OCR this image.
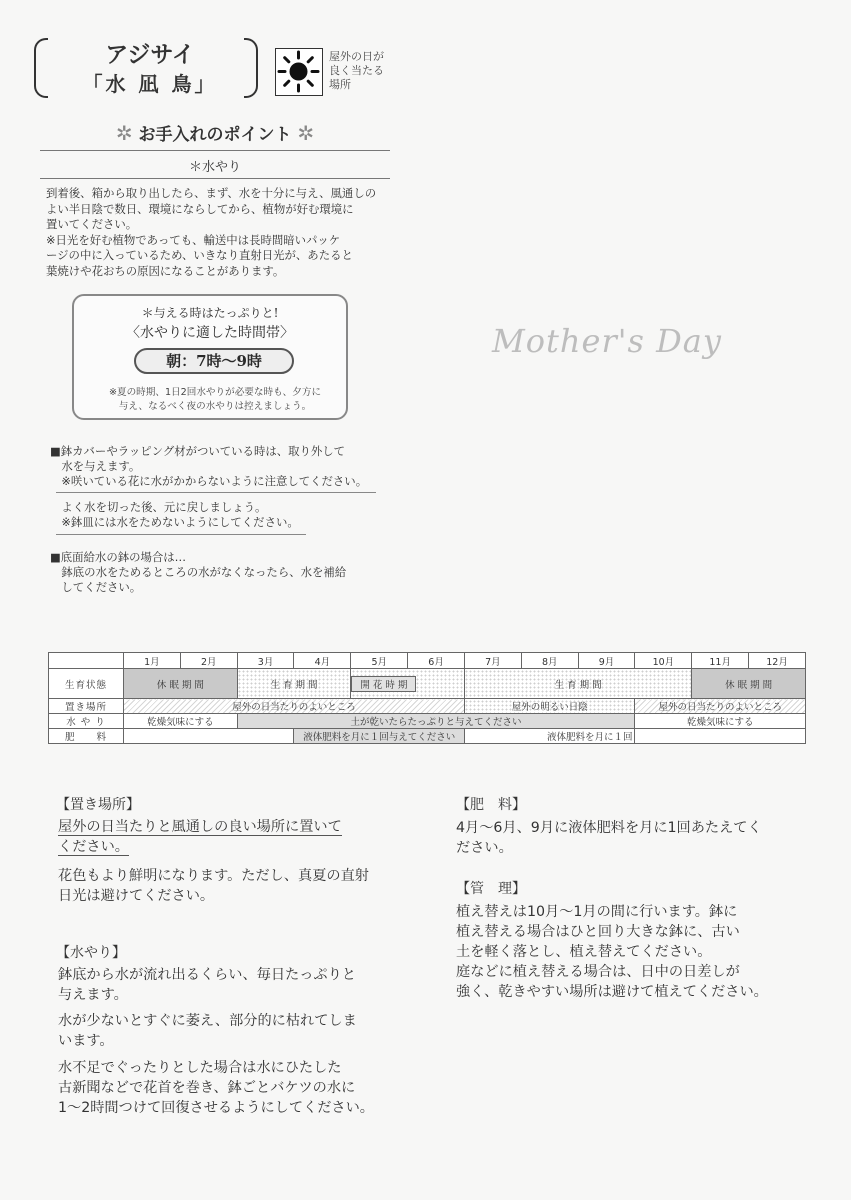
アジサイ
「水 凪 鳥」
屋外の日が
良く当たる
場所
✲ お手入れのポイント ✲
＊水やり
到着後、箱から取り出したら、まず、水を十分に与え、風通しの
よい半日陰で数日、環境にならしてから、植物が好む環境に
置いてください。
※日光を好む植物であっても、輸送中は長時間暗いパッケ
ージの中に入っているため、いきなり直射日光が、あたると
葉焼けや花おちの原因になることがあります。
＊与える時はたっぷりと!
〈水やりに適した時間帯〉
朝：7時〜9時
※夏の時期、1日2回水やりが必要な時も、夕方に
与え、なるべく夜の水やりは控えましょう。
Mother's Day
■鉢カバーやラッピング材がついている時は、取り外して
　水を与えます。
　※咲いている花に水がかからないように注意してください。
　よく水を切った後、元に戻しましょう。
　※鉢皿には水をためないようにしてください。
■底面給水の鉢の場合は…
　鉢底の水をためるところの水がなくなったら、水を補給
　してください。
	1月	2月	3月	4月	5月	6月	7月	8月	9月	10月	11月	12月
生育状態	休 眠 期 間		生 育 期 間		開 花 時 期		生 育 期 間				休 眠 期 間	
置き場所	屋外の日当たりのよいところ						屋外の明るい日陰			屋外の日当たりのよいところ		
水 や り	乾燥気味にする		土が乾いたらたっぷりと与えてください							乾燥気味にする		
肥　　料				液体肥料を月に１回与えてください			液体肥料を月に１回					
【置き場所】
屋外の日当たりと風通しの良い場所に置いて
ください。
花色もより鮮明になります。ただし、真夏の直射
日光は避けてください。
【水やり】
鉢底から水が流れ出るくらい、毎日たっぷりと
与えます。
水が少ないとすぐに萎え、部分的に枯れてしま
います。
水不足でぐったりとした場合は水にひたした
古新聞などで花首を巻き、鉢ごとバケツの水に
1〜2時間つけて回復させるようにしてください。
【肥　料】
4月〜6月、9月に液体肥料を月に1回あたえてく
ださい。
【管　理】
植え替えは10月〜1月の間に行います。鉢に
植え替える場合はひと回り大きな鉢に、古い
土を軽く落とし、植え替えてください。
庭などに植え替える場合は、日中の日差しが
強く、乾きやすい場所は避けて植えてください。
